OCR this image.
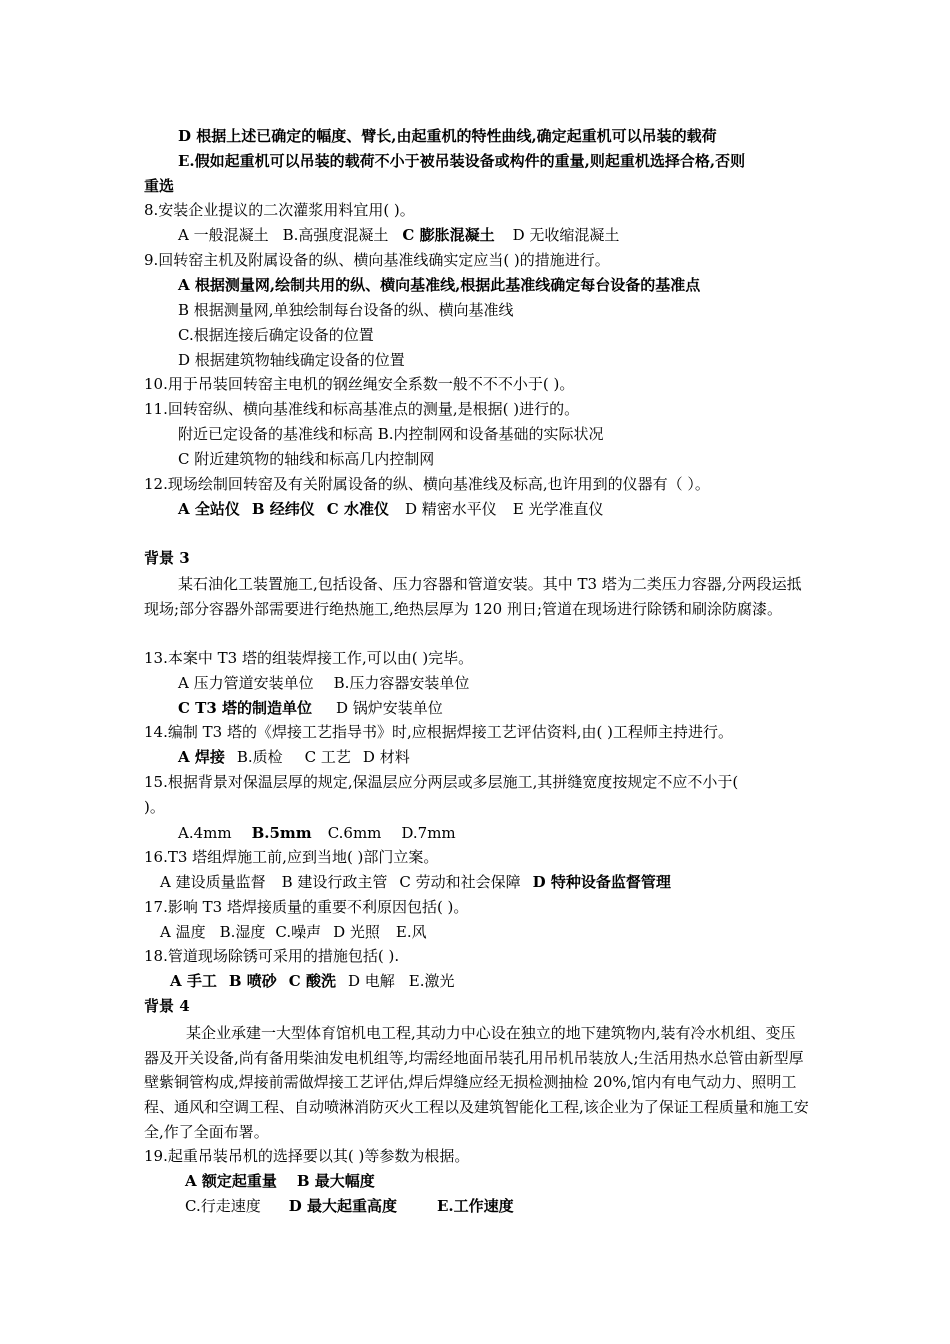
D 根据上述已确定的幅度、臂长,由起重机的特性曲线,确定起重机可以吊装的载荷
E.假如起重机可以吊装的载荷不小于被吊装设备或构件的重量,则起重机选择合格,否则
重选
8.安装企业提议的二次灌浆用料宜用( )。
A 一般混凝土 B.高强度混凝土 C 膨胀混凝土 D 无收缩混凝土
9.回转窑主机及附属设备的纵、横向基准线确实定应当( )的措施进行。
A 根据测量网,绘制共用的纵、横向基准线,根据此基准线确定每台设备的基准点
B 根据测量网,单独绘制每台设备的纵、横向基准线
C.根据连接后确定设备的位置
D 根据建筑物轴线确定设备的位置
10.用于吊装回转窑主电机的钢丝绳安全系数一般不不不小于( )。
11.回转窑纵、横向基准线和标高基准点的测量,是根据( )进行的。
附近已定设备的基准线和标高 B.内控制网和设备基础的实际状况
C 附近建筑物的轴线和标高几内控制网
12.现场绘制回转窑及有关附属设备的纵、横向基准线及标高,也许用到的仪器有（ ）。
A 全站仪 B 经纬仪 C 水准仪 D 精密水平仪 E 光学准直仪
背景 3
某石油化工装置施工,包括设备、压力容器和管道安装。其中 T3 塔为二类压力容器,分两段运抵现场;部分容器外部需要进行绝热施工,绝热层厚为 120 刑日;管道在现场进行除锈和刷涂防腐漆。
13.本案中 T3 塔的组装焊接工作,可以由( )完毕。
A 压力管道安装单位 B.压力容器安装单位
C T3 塔的制造单位 D 锅炉安装单位
14.编制 T3 塔的《焊接工艺指导书》时,应根据焊接工艺评估资料,由( )工程师主持进行。
A 焊接 B.质检 C 工艺 D 材料
15.根据背景对保温层厚的规定,保温层应分两层或多层施工,其拼缝宽度按规定不应不小于(
)。
A.4mm B.5mm C.6mm D.7mm
16.T3 塔组焊施工前,应到当地( )部门立案。
A 建设质量监督 B 建设行政主管 C 劳动和社会保障 D 特种设备监督管理
17.影响 T3 塔焊接质量的重要不利原因包括( )。
A 温度 B.湿度 C.噪声 D 光照 E.风
18.管道现场除锈可采用的措施包括( ).
A 手工 B 喷砂 C 酸洗 D 电解 E.激光
背景 4
某企业承建一大型体育馆机电工程,其动力中心设在独立的地下建筑物内,装有冷水机组、变压器及开关设备,尚有备用柴油发电机组等,均需经地面吊装孔用吊机吊装放人;生活用热水总管由新型厚壁紫铜管构成,焊接前需做焊接工艺评估,焊后焊缝应经无损检测抽检 20%,馆内有电气动力、照明工程、通风和空调工程、自动喷淋消防灭火工程以及建筑智能化工程,该企业为了保证工程质量和施工安全,作了全面布署。
19.起重吊装吊机的选择要以其( )等参数为根据。
A 额定起重量 B 最大幅度
C.行走速度 D 最大起重高度	E.工作速度
